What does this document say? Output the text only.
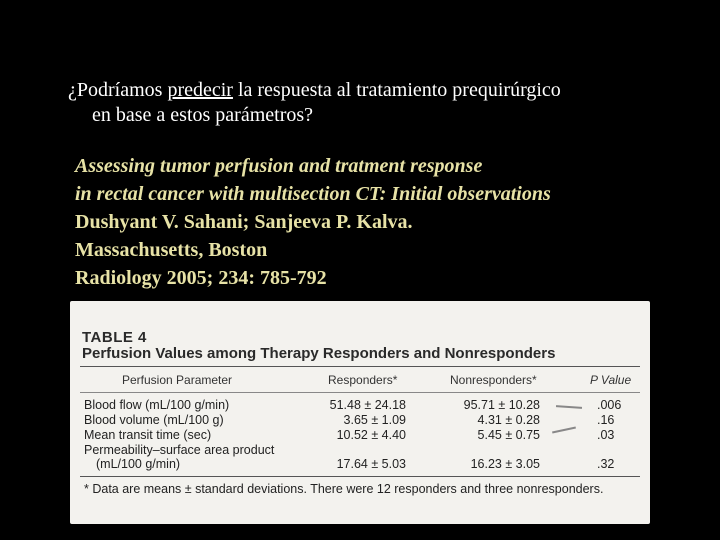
¿Podríamos predecir la respuesta al tratamiento prequirúrgico
en base a estos parámetros?
Assessing tumor perfusion and tratment response
in rectal cancer with multisection CT: Initial observations
Dushyant V. Sahani; Sanjeeva P. Kalva.
Massachusetts, Boston
Radiology 2005; 234: 785-792
TABLE 4
Perfusion Values among Therapy Responders and Nonresponders
Perfusion Parameter	Responders*	Nonresponders*	P Value
Blood flow (mL/100 g/min)	51.48 ± 24.18	95.71 ± 10.28	.006
Blood volume (mL/100 g)	3.65 ± 1.09	4.31 ± 0.28	.16
Mean transit time (sec)	10.52 ± 4.40	5.45 ± 0.75	.03
Permeability–surface area product
(mL/100 g/min)	17.64 ± 5.03	16.23 ± 3.05	.32
* Data are means ± standard deviations. There were 12 responders and three nonresponders.
